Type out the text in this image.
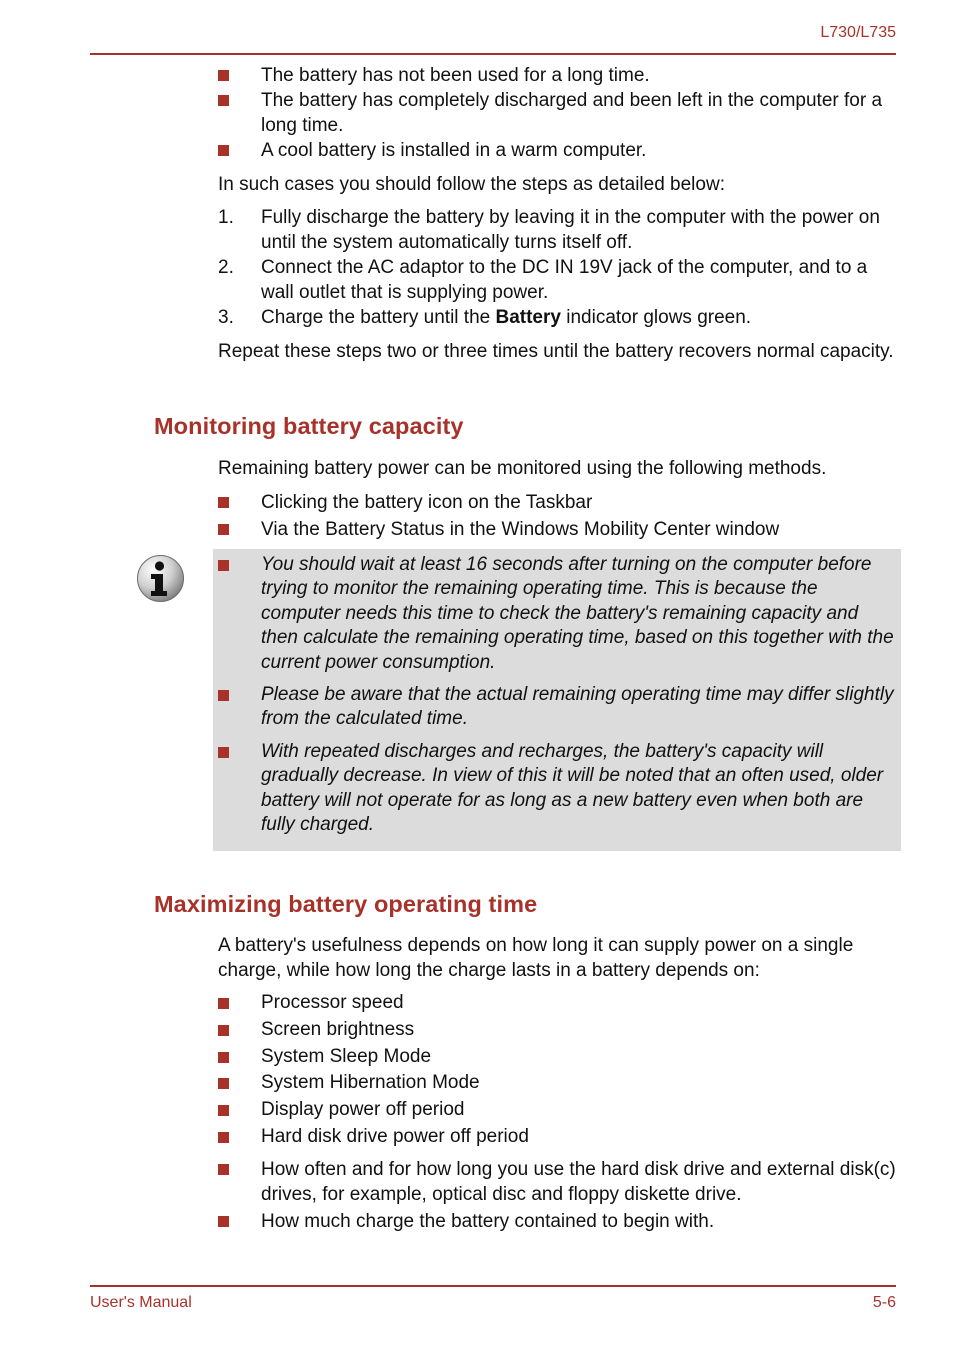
L730/L735
The battery has not been used for a long time.
The battery has completely discharged and been left in the computer for a long time.
A cool battery is installed in a warm computer.
In such cases you should follow the steps as detailed below:
1. Fully discharge the battery by leaving it in the computer with the power on until the system automatically turns itself off.
2. Connect the AC adaptor to the DC IN 19V jack of the computer, and to a wall outlet that is supplying power.
3. Charge the battery until the Battery indicator glows green.
Repeat these steps two or three times until the battery recovers normal capacity.
Monitoring battery capacity
Remaining battery power can be monitored using the following methods.
Clicking the battery icon on the Taskbar
Via the Battery Status in the Windows Mobility Center window
You should wait at least 16 seconds after turning on the computer before trying to monitor the remaining operating time. This is because the computer needs this time to check the battery's remaining capacity and then calculate the remaining operating time, based on this together with the current power consumption.
Please be aware that the actual remaining operating time may differ slightly from the calculated time.
With repeated discharges and recharges, the battery's capacity will gradually decrease. In view of this it will be noted that an often used, older battery will not operate for as long as a new battery even when both are fully charged.
Maximizing battery operating time
A battery's usefulness depends on how long it can supply power on a single charge, while how long the charge lasts in a battery depends on:
Processor speed
Screen brightness
System Sleep Mode
System Hibernation Mode
Display power off period
Hard disk drive power off period
How often and for how long you use the hard disk drive and external disk(c) drives, for example, optical disc and floppy diskette drive.
How much charge the battery contained to begin with.
User's Manual	5-6
